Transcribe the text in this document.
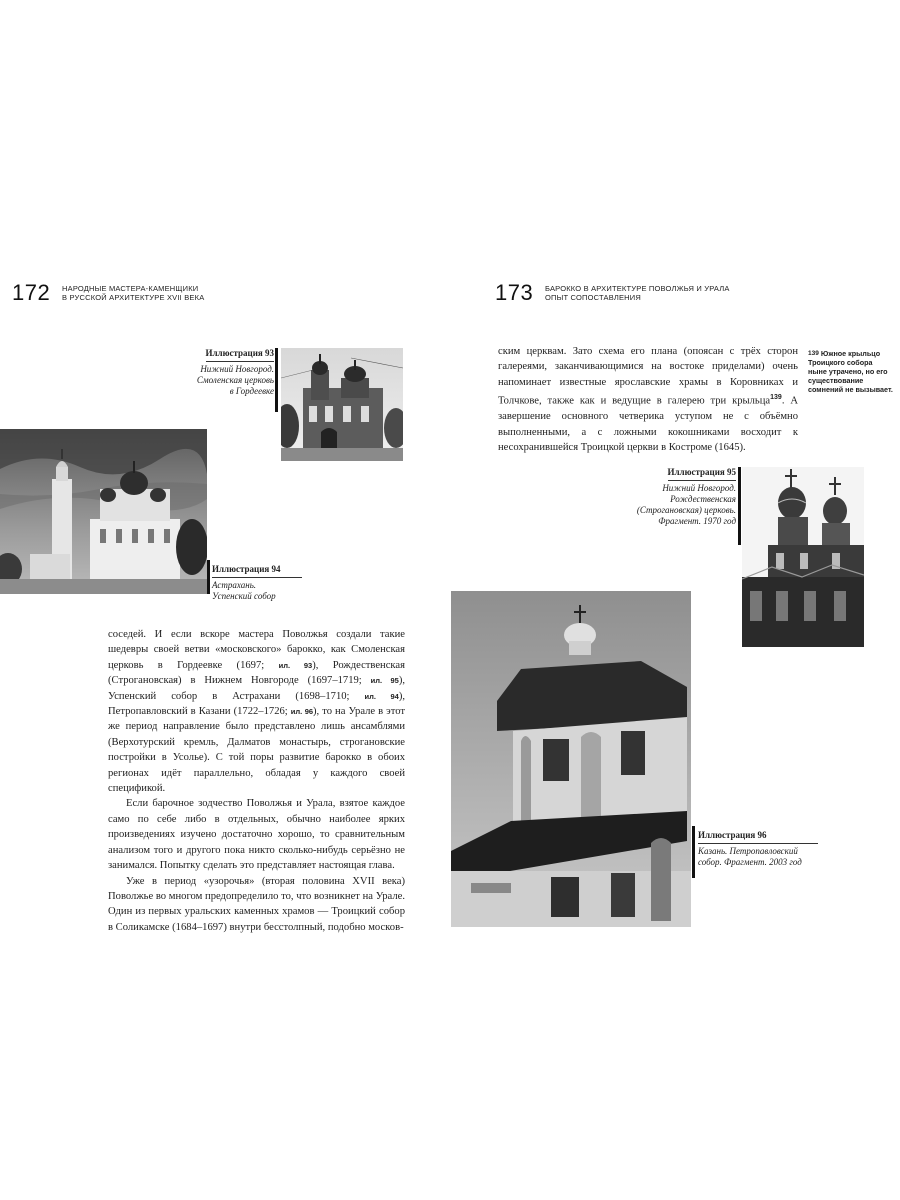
172 НАРОДНЫЕ МАСТЕРА-КАМЕНЩИКИ
В РУССКОЙ АРХИТЕКТУРЕ XVII ВЕКА
Иллюстрация 93
Нижний Новгород.
Смоленская церковь
в Гордеевке
Иллюстрация 94
Астрахань.
Успенский собор

соседей. И если вскоре мастера Поволжья создали такие шедевры своей ветви «московского» барокко, как Смоленская церковь в Гордеевке (1697; ил. 93), Рождественская (Строгановская) в Нижнем Новгороде (1697–1719; ил. 95), Успенский собор в Астрахани (1698–1710; ил. 94), Петропавловский в Казани (1722–1726; ил. 96), то на Урале в этот же период направление было представлено лишь ансамблями (Верхотурский кремль, Далматов монастырь, строгановские постройки в Усолье). С той поры развитие барокко в обоих регионах идёт параллельно, обладая у каждого своей спецификой.

Если барочное зодчество Поволжья и Урала, взятое каждое само по себе либо в отдельных, обычно наиболее ярких произведениях изучено достаточно хорошо, то сравнительным анализом того и другого пока никто сколько-нибудь серьёзно не занимался. Попытку сделать это представляет настоящая глава.

Уже в период «узорочья» (вторая половина XVII века) Поволжье во многом предопределило то, что возникнет на Урале. Один из первых уральских каменных храмов — Троицкий собор в Соликамске (1684–1697) внутри бесстолпный, подобно москов-

173 БАРОККО В АРХИТЕКТУРЕ ПОВОЛЖЬЯ И УРАЛА
ОПЫТ СОПОСТАВЛЕНИЯ

ским церквам. Зато схема его плана (опоясан с трёх сторон галереями, заканчивающимися на востоке приделами) очень напоминает известные ярославские храмы в Коровниках и Толчкове, также как и ведущие в галерею три крыльца$^{139}$. А завершение основного четверика уступом не с объёмно выполненными, а с ложными кокошниками восходит к несохранившейся Троицкой церкви в Костроме (1645).

139 Южное крыльцо Троицкого собора ныне утрачено, но его существование сомнений не вызывает.
Иллюстрация 95
Нижний Новгород.
Рождественская
(Строгановская) церковь.
Фрагмент. 1970 год
Иллюстрация 96
Казань. Петропавловский
собор. Фрагмент. 2003 год
